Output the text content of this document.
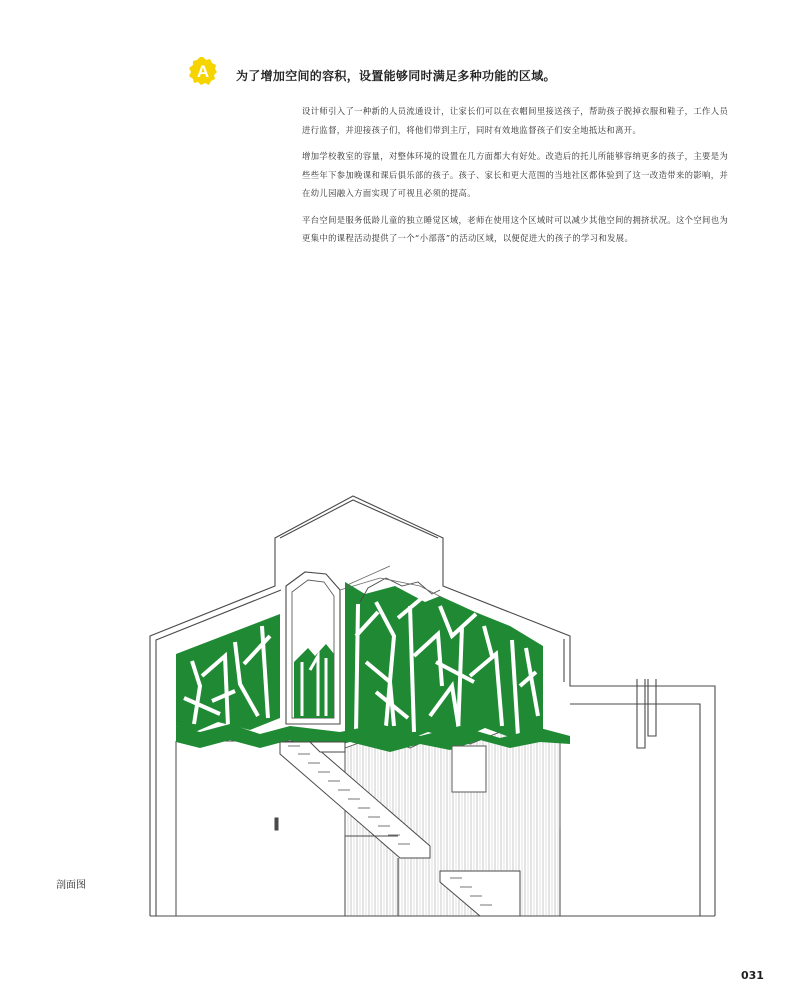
A 为了增加空间的容积，设置能够同时满足多种功能的区域。

设计师引入了一种新的人员流通设计，让家长们可以在衣帽间里接送孩子，帮助孩子脱掉衣服和鞋子，工作人员进行监督，并迎接孩子们，将他们带到主厅，同时有效地监督孩子们安全地抵达和离开。

增加学校教室的容量，对整体环境的设置在几方面都大有好处。改造后的托儿所能够容纳更多的孩子，主要是为些些年下参加晚课和课后俱乐部的孩子。孩子、家长和更大范围的当地社区都体验到了这一改造带来的影响，并在幼儿园融入方面实现了可视且必须的提高。

平台空间是服务低龄儿童的独立睡觉区域，老师在使用这个区域时可以减少其他空间的拥挤状况。这个空间也为更集中的课程活动提供了一个“小部落”的活动区域，以便促进大的孩子的学习和发展。

剖面图
031
